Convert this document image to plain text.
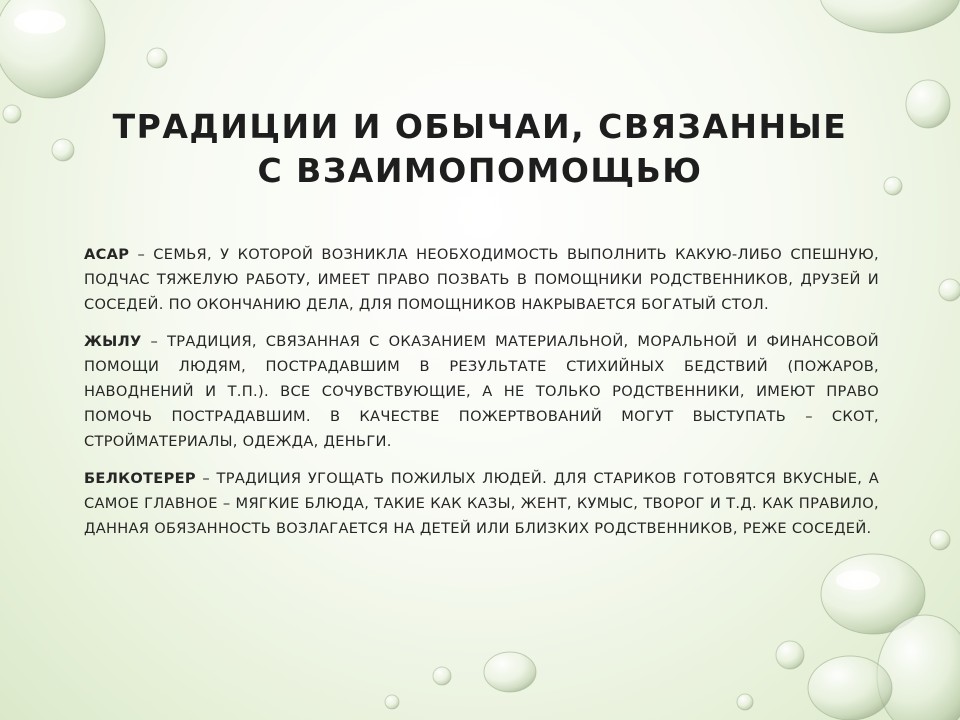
ТРАДИЦИИ И ОБЫЧАИ, СВЯЗАННЫЕ
С ВЗАИМОПОМОЩЬЮ

АСАР – СЕМЬЯ, У КОТОРОЙ ВОЗНИКЛА НЕОБХОДИМОСТЬ ВЫПОЛНИТЬ КАКУЮ-ЛИБО СПЕШНУЮ, ПОДЧАС ТЯЖЕЛУЮ РАБОТУ, ИМЕЕТ ПРАВО ПОЗВАТЬ В ПОМОЩНИКИ РОДСТВЕННИКОВ, ДРУЗЕЙ И СОСЕДЕЙ. ПО ОКОНЧАНИЮ ДЕЛА, ДЛЯ ПОМОЩНИКОВ НАКРЫВАЕТСЯ БОГАТЫЙ СТОЛ.

ЖЫЛУ – ТРАДИЦИЯ, СВЯЗАННАЯ С ОКАЗАНИЕМ МАТЕРИАЛЬНОЙ, МОРАЛЬНОЙ И ФИНАНСОВОЙ ПОМОЩИ ЛЮДЯМ, ПОСТРАДАВШИМ В РЕЗУЛЬТАТЕ СТИХИЙНЫХ БЕДСТВИЙ (ПОЖАРОВ, НАВОДНЕНИЙ И Т.П.). ВСЕ СОЧУВСТВУЮЩИЕ, А НЕ ТОЛЬКО РОДСТВЕННИКИ, ИМЕЮТ ПРАВО ПОМОЧЬ ПОСТРАДАВШИМ. В КАЧЕСТВЕ ПОЖЕРТВОВАНИЙ МОГУТ ВЫСТУПАТЬ – СКОТ, СТРОЙМАТЕРИАЛЫ, ОДЕЖДА, ДЕНЬГИ.

БЕЛКОТЕРЕР – ТРАДИЦИЯ УГОЩАТЬ ПОЖИЛЫХ ЛЮДЕЙ. ДЛЯ СТАРИКОВ ГОТОВЯТСЯ ВКУСНЫЕ, А САМОЕ ГЛАВНОЕ – МЯГКИЕ БЛЮДА, ТАКИЕ КАК КАЗЫ, ЖЕНТ, КУМЫС, ТВОРОГ И Т.Д. КАК ПРАВИЛО, ДАННАЯ ОБЯЗАННОСТЬ ВОЗЛАГАЕТСЯ НА ДЕТЕЙ ИЛИ БЛИЗКИХ РОДСТВЕННИКОВ, РЕЖЕ СОСЕДЕЙ.
